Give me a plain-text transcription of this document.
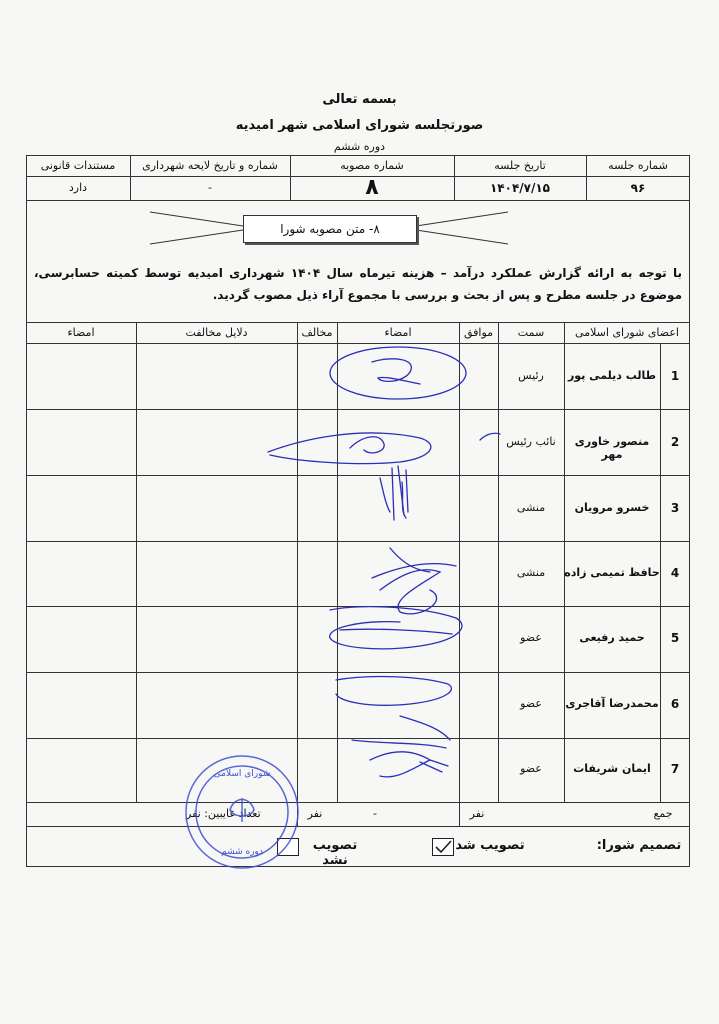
بسمه تعالی
صورتجلسه شورای اسلامی شهر امیدیه
دوره ششم
شماره جلسه
تاریخ جلسه
شماره مصوبه
شماره و تاریخ لایحه شهرداری
مستندات قانونی
۹۶
۱۴۰۴/۷/۱۵
۸
-
دارد
۸- متن مصوبه شورا
با توجه به ارائه گزارش عملکرد درآمد – هزینه تیرماه سال ۱۴۰۴ شهرداری امیدیه توسط کمیته حسابرسی، موضوع در جلسه مطرح و پس از بحث و بررسی با مجموع آراء ذیل مصوب گردید.
اعضای شورای اسلامی
سمت
موافق
امضاء
مخالف
دلایل مخالفت
امضاء
1
طالب دیلمی پور
رئیس
2
منصور خاوری مهر
نائب رئیس
3
خسرو مرویان
منشی
4
حافظ تمیمی زاده
منشی
5
حمید رفیعی
عضو
6
محمدرضا آقاجری
عضو
7
ایمان شریفات
عضو
جمع
نفر
-
نفر
تعداد غایبین: نفر
تصمیم شورا:
تصویب شد
تصویب نشد
شورای اسلامی
دوره ششم
